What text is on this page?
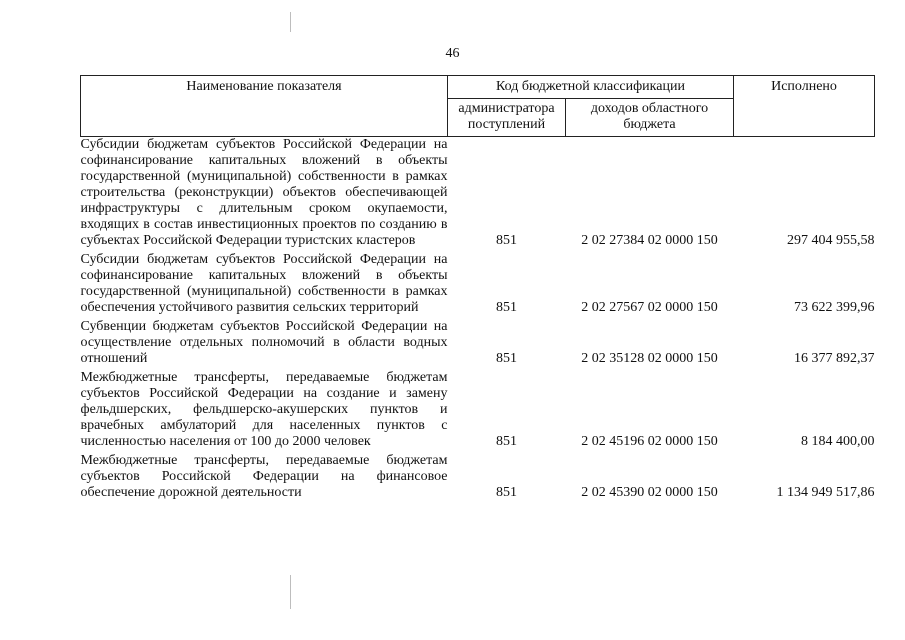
46
Наименование показателя	Код бюджетной классификации		Исполнено
	администратора поступлений	доходов областного бюджета	
Субсидии бюджетам субъектов Российской Федерации на софинансирование капитальных вложений в объекты государственной (муниципальной) собственности в рамках строительства (реконструкции) объектов обеспечивающей инфраструктуры с длительным сроком окупаемости, входящих в состав инвестиционных проектов по созданию в субъектах Российской Федерации туристских кластеров	851	2 02 27384 02 0000 150	297 404 955,58
Субсидии бюджетам субъектов Российской Федерации на софинансирование капитальных вложений в объекты государственной (муниципальной) собственности в рамках обеспечения устойчивого развития сельских территорий	851	2 02 27567 02 0000 150	73 622 399,96
Субвенции бюджетам субъектов Российской Федерации на осуществление отдельных полномочий в области водных отношений	851	2 02 35128 02 0000 150	16 377 892,37
Межбюджетные трансферты, передаваемые бюджетам субъектов Российской Федерации на создание и замену фельдшерских, фельдшерско-акушерских пунктов и врачебных амбулаторий для населенных пунктов с численностью населения от 100 до 2000 человек	851	2 02 45196 02 0000 150	8 184 400,00
Межбюджетные трансферты, передаваемые бюджетам субъектов Российской Федерации на финансовое обеспечение дорожной деятельности	851	2 02 45390 02 0000 150	1 134 949 517,86
